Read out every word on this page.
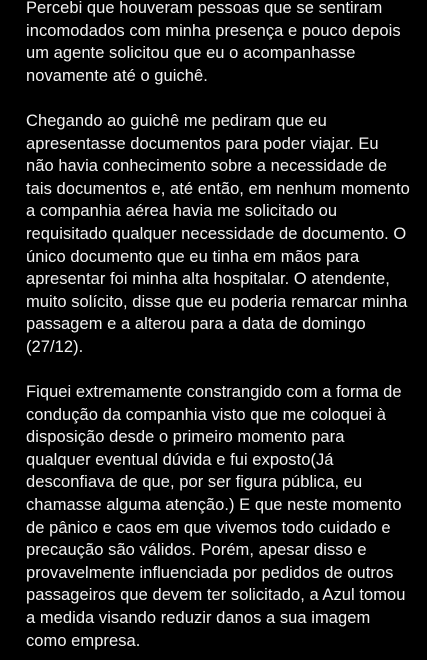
Percebi que houveram pessoas que se sentiram
incomodados com minha presença e pouco depois
um agente solicitou que eu o acompanhasse
novamente até o guichê.
Chegando ao guichê me pediram que eu
apresentasse documentos para poder viajar. Eu
não havia conhecimento sobre a necessidade de
tais documentos e, até então, em nenhum momento
a companhia aérea havia me solicitado ou
requisitado qualquer necessidade de documento. O
único documento que eu tinha em mãos para
apresentar foi minha alta hospitalar. O atendente,
muito solícito, disse que eu poderia remarcar minha
passagem e a alterou para a data de domingo
(27/12).
Fiquei extremamente constrangido com a forma de
condução da companhia visto que me coloquei à
disposição desde o primeiro momento para
qualquer eventual dúvida e fui exposto(Já
desconfiava de que, por ser figura pública, eu
chamasse alguma atenção.) E que neste momento
de pânico e caos em que vivemos todo cuidado e
precaução são válidos. Porém, apesar disso e
provavelmente influenciada por pedidos de outros
passageiros que devem ter solicitado, a Azul tomou
a medida visando reduzir danos a sua imagem
como empresa.
